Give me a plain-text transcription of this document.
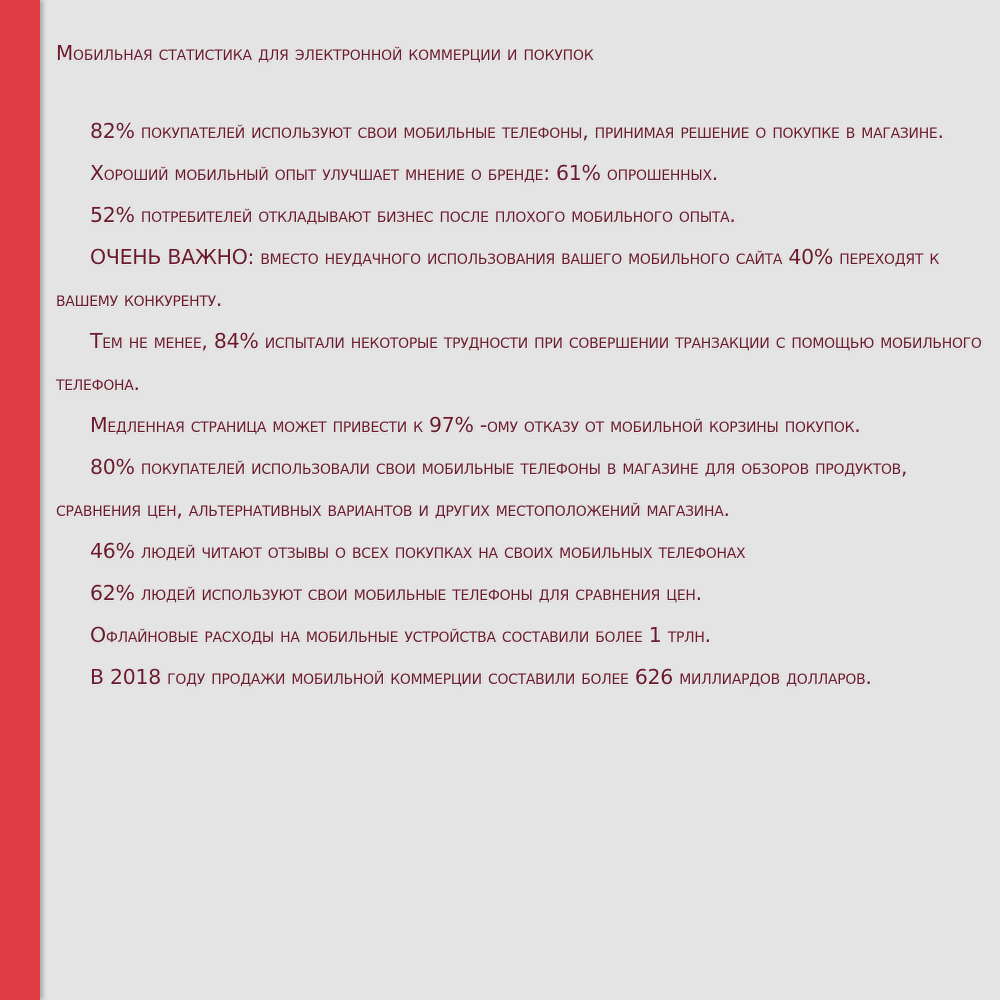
Мобильная статистика для электронной коммерции и покупок

82% покупателей используют свои мобильные телефоны, принимая решение о покупке в магазине.

Хороший мобильный опыт улучшает мнение о бренде: 61% опрошенных.

52% потребителей откладывают бизнес после плохого мобильного опыта.

ОЧЕНЬ ВАЖНО: вместо неудачного использования вашего мобильного сайта 40% переходят к вашему конкуренту.

Тем не менее, 84% испытали некоторые трудности при совершении транзакции с помощью мобильного телефона.

Медленная страница может привести к 97% -ому отказу от мобильной корзины покупок.

80% покупателей использовали свои мобильные телефоны в магазине для обзоров продуктов, сравнения цен, альтернативных вариантов и других местоположений магазина.

46% людей читают отзывы о всех покупках на своих мобильных телефонах

62% людей используют свои мобильные телефоны для сравнения цен.

Офлайновые расходы на мобильные устройства составили более 1 трлн.

В 2018 году продажи мобильной коммерции составили более 626 миллиардов долларов.
